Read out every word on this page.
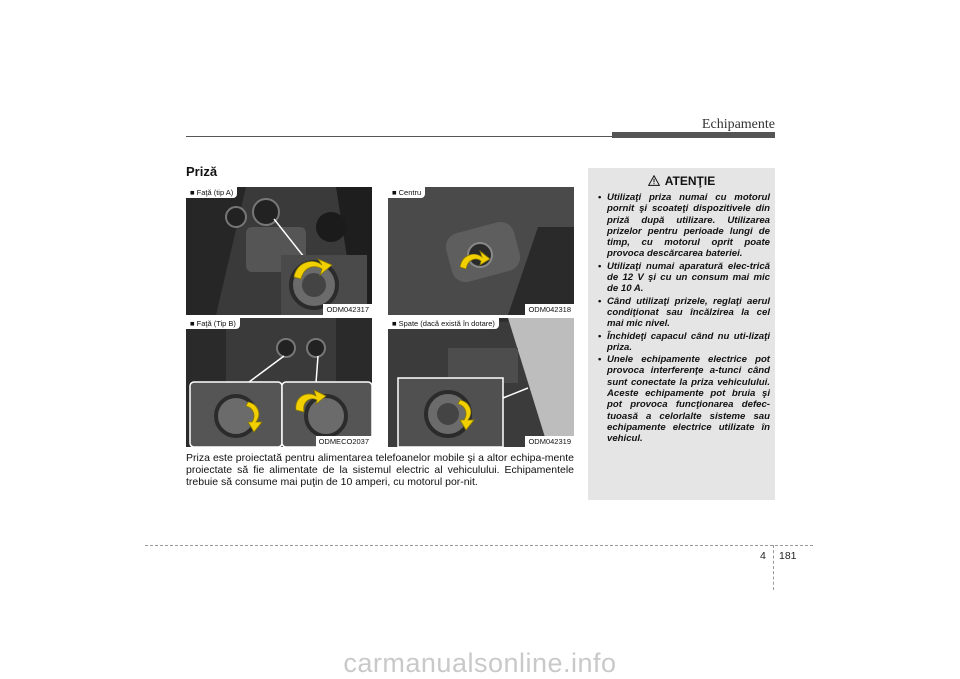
Echipamente
Priză
■ Faţă (tip A)
ODM042317
■ Centru
ODM042318
■ Faţă (Tip B)
ODMECO2037
■ Spate (dacă există în dotare)
ODM042319

Priza este proiectată pentru alimentarea telefoanelor mobile şi a altor echipa-mente proiectate să fie alimentate de la sistemul electric al vehiculului. Echipamentele trebuie să consume mai puţin de 10 amperi, cu motorul por-nit.

ATENŢIE
• Utilizaţi priza numai cu motorul pornit şi scoateţi dispozitivele din priză după utilizare. Utilizarea prizelor pentru perioade lungi de timp, cu motorul oprit poate provoca descărcarea bateriei.
• Utilizaţi numai aparatură elec-trică de 12 V şi cu un consum mai mic de 10 A.
• Când utilizaţi prizele, reglaţi aerul condiţionat sau încălzirea la cel mai mic nivel.
• Închideţi capacul când nu uti-lizaţi priza.
• Unele echipamente electrice pot provoca interferenţe a-tunci când sunt conectate la priza vehiculului. Aceste echipamente pot bruia şi pot provoca funcţionarea defec-tuoasă a celorlalte sisteme sau echipamente electrice utilizate în vehicul.
4 181
carmanualsonline.info
